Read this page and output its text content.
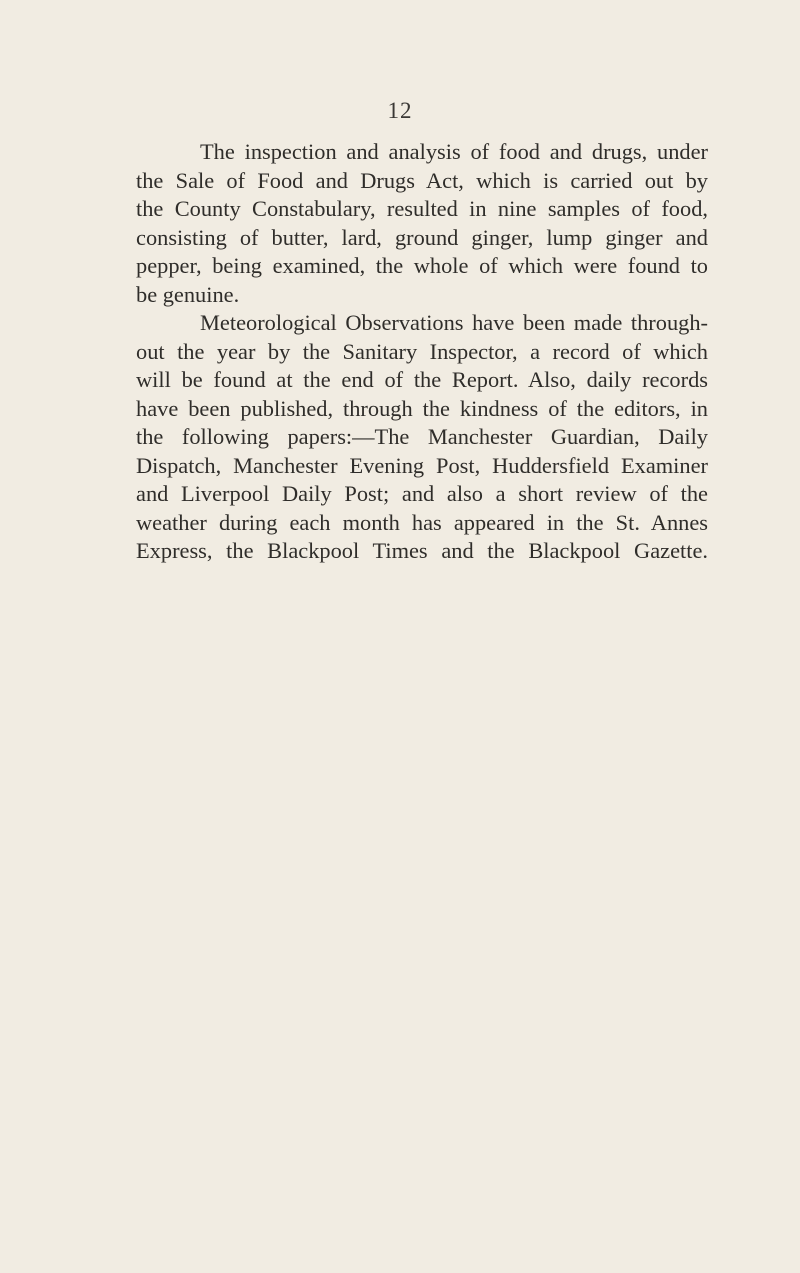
12

The inspection and analysis of food and drugs, under
the Sale of Food and Drugs Act, which is carried out by
the County Constabulary, resulted in nine samples of food,
consisting of butter, lard, ground ginger, lump ginger and
pepper, being examined, the whole of which were found to
be genuine.

Meteorological Observations have been made through-
out the year by the Sanitary Inspector, a record of which
will be found at the end of the Report. Also, daily records
have been published, through the kindness of the editors, in
the following papers:—The Manchester Guardian, Daily
Dispatch, Manchester Evening Post, Huddersfield Examiner
and Liverpool Daily Post; and also a short review of the
weather during each month has appeared in the St. Annes
Express, the Blackpool Times and the Blackpool Gazette.
